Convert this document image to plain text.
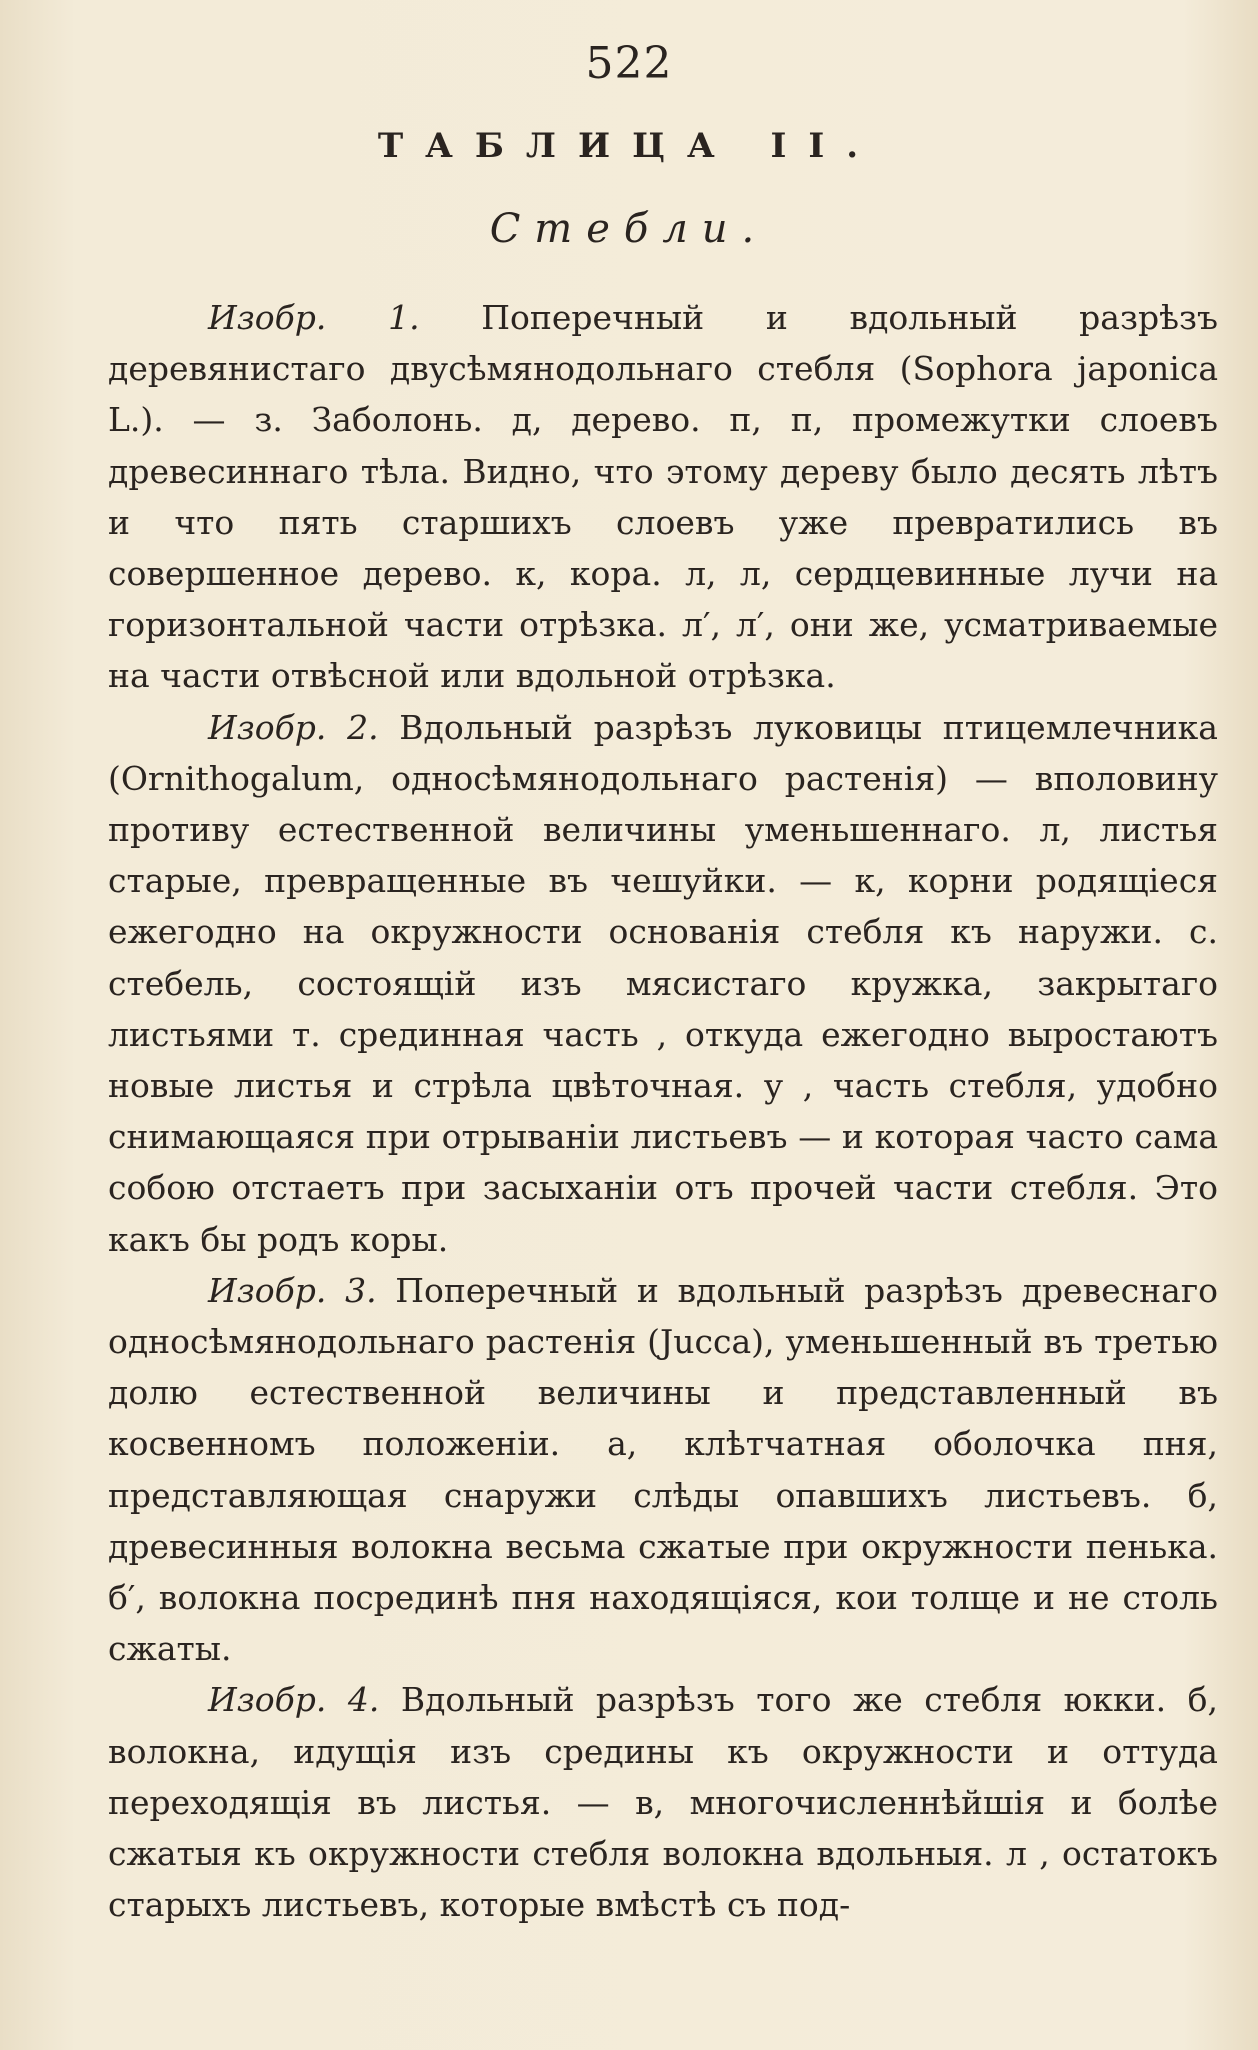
522
ТАБЛИЦА II.
Стебли.

Изобр. 1. Поперечный и вдольный разрѣзъ деревянистаго двусѣмянодольнаго стебля (Sophora japonica L.). — з. Заболонь. д, дерево. п, п, промежутки слоевъ древесиннаго тѣла. Видно, что этому дереву было десять лѣтъ и что пять старшихъ слоевъ уже превратились въ совершенное дерево. к, кора. л, л, сердцевинные лучи на горизонтальной части отрѣзка. л′, л′, они же, усматриваемые на части отвѣсной или вдольной отрѣзка.

Изобр. 2. Вдольный разрѣзъ луковицы птицемлечника (Ornithogalum, односѣмянодольнаго растенія) — вполовину противу естественной величины уменьшеннаго. л, листья старые, превращенные въ чешуйки. — к, корни родящіеся ежегодно на окружности основанія стебля къ наружи. с. стебель, состоящій изъ мясистаго кружка, закрытаго листьями т. срединная часть , откуда ежегодно выростаютъ новые листья и стрѣла цвѣточная. у , часть стебля, удобно снимающаяся при отрываніи листьевъ — и которая часто сама собою отстаетъ при засыханіи отъ прочей части стебля. Это какъ бы родъ коры.

Изобр. 3. Поперечный и вдольный разрѣзъ древеснаго односѣмянодольнаго растенія (Jucca), уменьшенный въ третью долю естественной величины и представленный въ косвенномъ положеніи. а, клѣтчатная оболочка пня, представляющая снаружи слѣды опавшихъ листьевъ. б, древесинныя волокна весьма сжатые при окружности пенька. б′, волокна посрединѣ пня находящіяся, кои толще и не столь сжаты.

Изобр. 4. Вдольный разрѣзъ того же стебля юкки. б, волокна, идущія изъ средины къ окружности и оттуда переходящія въ листья. — в, многочисленнѣйшія и болѣе сжатыя къ окружности стебля волокна вдольныя. л , остатокъ старыхъ листьевъ, которые вмѣстѣ съ под-
